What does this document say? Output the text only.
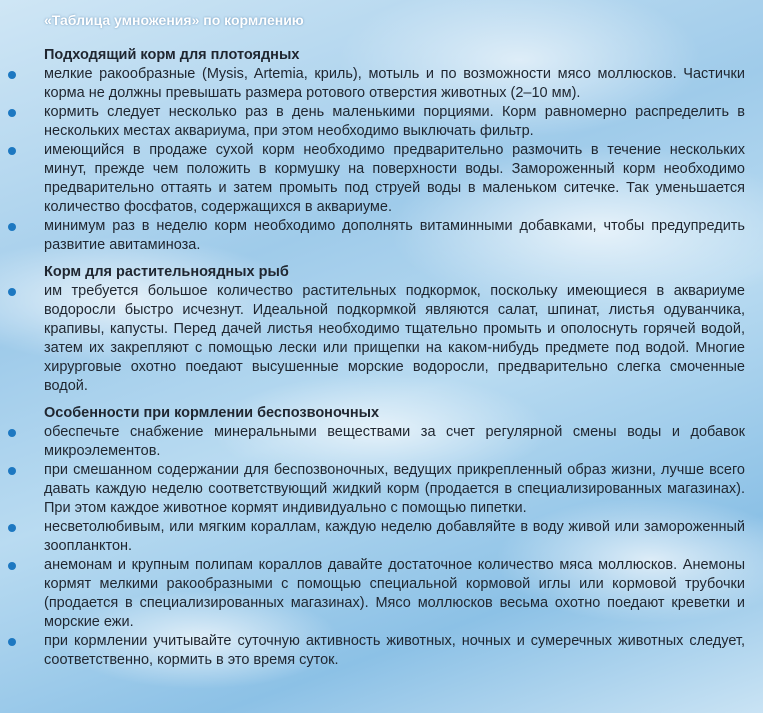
«Таблица умножения» по кормлению
Подходящий корм для плотоядных
мелкие ракообразные (Mysis, Artemia, криль), мотыль и по возможности мясо моллюсков. Частички корма не должны превышать размера ротового отверстия животных (2–10 мм).
кормить следует несколько раз в день маленькими порциями. Корм равномерно распределить в нескольких местах аквариума, при этом необходимо выключать фильтр.
имеющийся в продаже сухой корм необходимо предварительно размочить в течение нескольких минут, прежде чем положить в кормушку на поверхности воды. Замороженный корм необходимо предварительно оттаять и затем промыть под струей воды в маленьком ситечке. Так уменьшается количество фосфатов, содержащихся в аквариуме.
минимум раз в неделю корм необходимо дополнять витаминными добавками, чтобы предупредить развитие авитаминоза.
Корм для растительноядных рыб
им требуется большое количество растительных подкормок, поскольку имеющиеся в аквариуме водоросли быстро исчезнут. Идеальной подкормкой являются салат, шпинат, листья одуванчика, крапивы, капусты. Перед дачей листья необходимо тщательно промыть и ополоснуть горячей водой, затем их закрепляют с помощью лески или прищепки на каком-нибудь предмете под водой. Многие хирурговые охотно поедают высушенные морские водоросли, предварительно слегка смоченные водой.
Особенности при кормлении беспозвоночных
обеспечьте снабжение минеральными веществами за счет регулярной смены воды и добавок микроэлементов.
при смешанном содержании для беспозвоночных, ведущих прикрепленный образ жизни, лучше всего давать каждую неделю соответствующий жидкий корм (продается в специализированных магазинах). При этом каждое животное кормят индивидуально с помощью пипетки.
несветолюбивым, или мягким кораллам, каждую неделю добавляйте в воду живой или замороженный зоопланктон.
анемонам и крупным полипам кораллов давайте достаточное количество мяса моллюсков. Анемоны кормят мелкими ракообразными с помощью специальной кормовой иглы или кормовой трубочки (продается в специализированных магазинах). Мясо моллюсков весьма охотно поедают креветки и морские ежи.
при кормлении учитывайте суточную активность животных, ночных и сумеречных животных следует, соответственно, кормить в это время суток.
